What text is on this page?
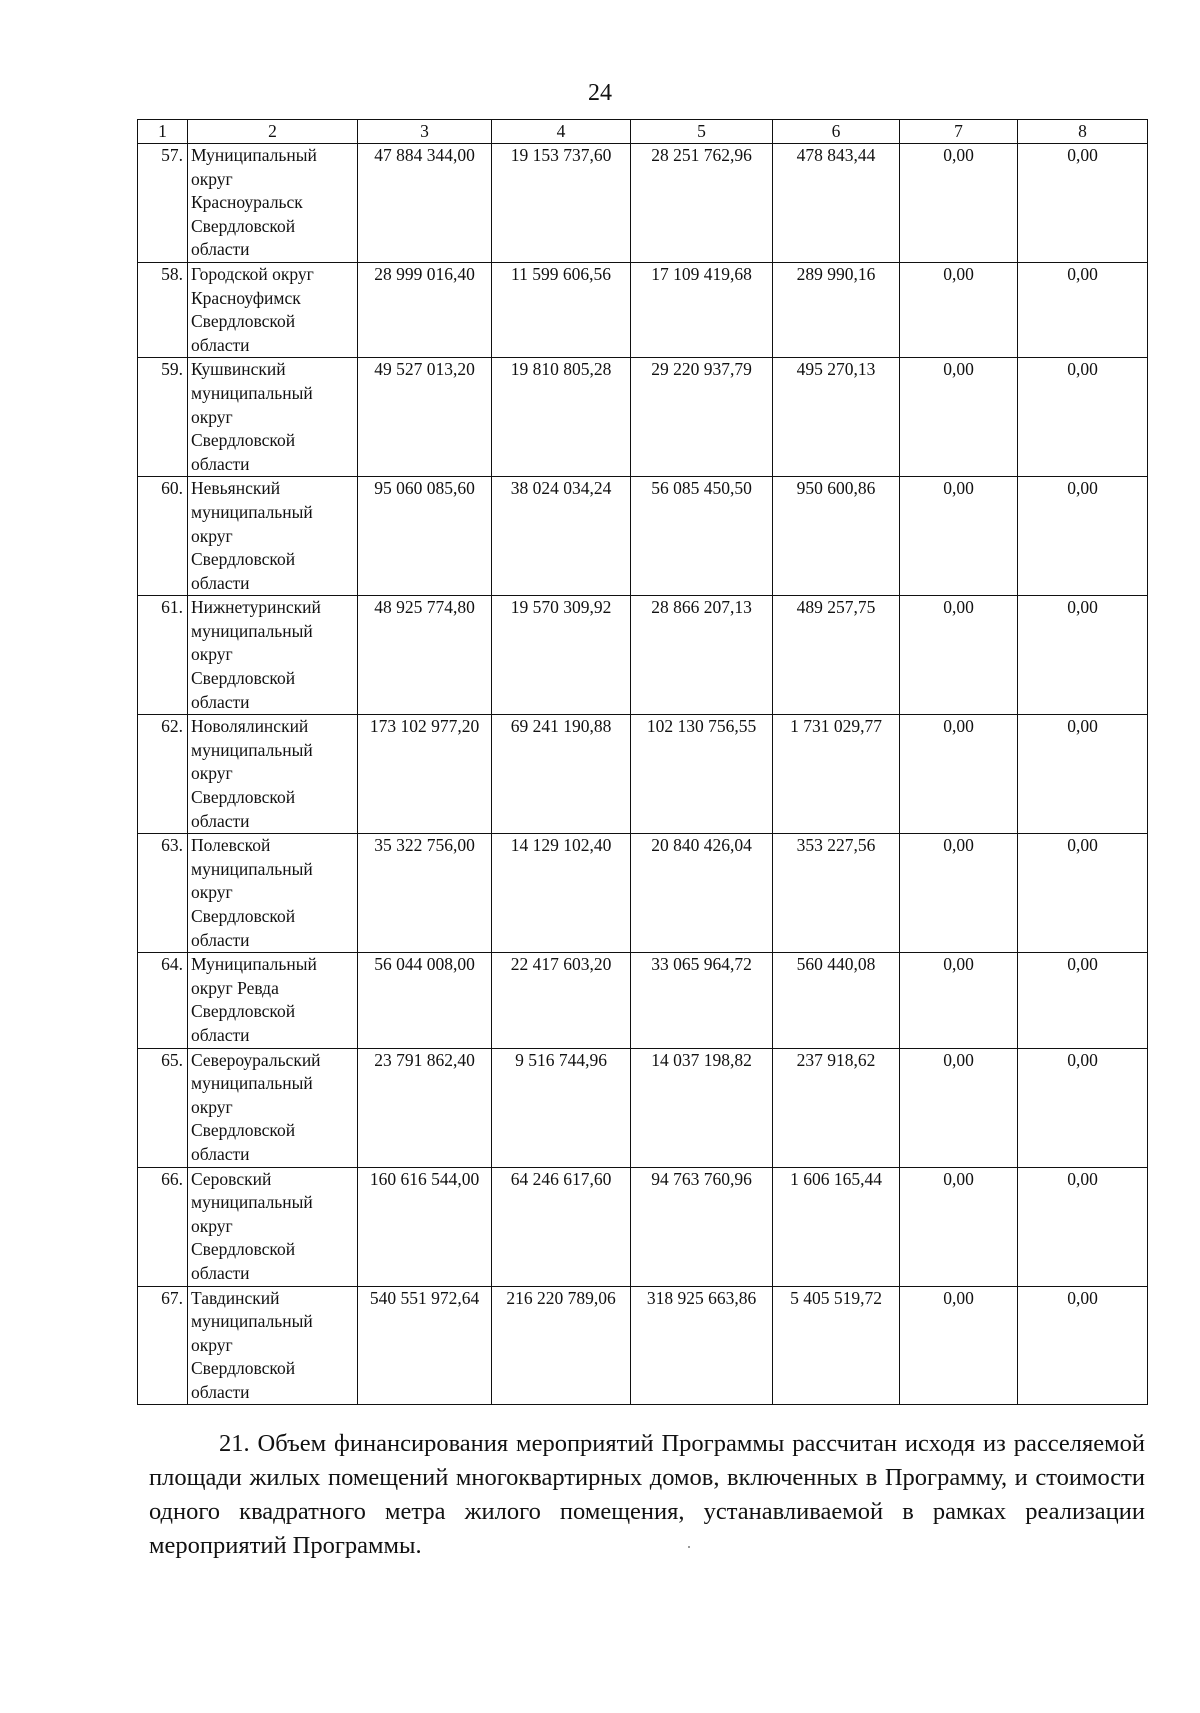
24
1	2	3	4	5	6	7	8
57.	Муниципальный
округ
Красноуральск
Свердловской
области	47 884 344,00	19 153 737,60	28 251 762,96	478 843,44	0,00	0,00
58.	Городской округ
Красноуфимск
Свердловской
области	28 999 016,40	11 599 606,56	17 109 419,68	289 990,16	0,00	0,00
59.	Кушвинский
муниципальный
округ
Свердловской
области	49 527 013,20	19 810 805,28	29 220 937,79	495 270,13	0,00	0,00
60.	Невьянский
муниципальный
округ
Свердловской
области	95 060 085,60	38 024 034,24	56 085 450,50	950 600,86	0,00	0,00
61.	Нижнетуринский
муниципальный
округ
Свердловской
области	48 925 774,80	19 570 309,92	28 866 207,13	489 257,75	0,00	0,00
62.	Новолялинский
муниципальный
округ
Свердловской
области	173 102 977,20	69 241 190,88	102 130 756,55	1 731 029,77	0,00	0,00
63.	Полевской
муниципальный
округ
Свердловской
области	35 322 756,00	14 129 102,40	20 840 426,04	353 227,56	0,00	0,00
64.	Муниципальный
округ Ревда
Свердловской
области	56 044 008,00	22 417 603,20	33 065 964,72	560 440,08	0,00	0,00
65.	Североуральский
муниципальный
округ
Свердловской
области	23 791 862,40	9 516 744,96	14 037 198,82	237 918,62	0,00	0,00
66.	Серовский
муниципальный
округ
Свердловской
области	160 616 544,00	64 246 617,60	94 763 760,96	1 606 165,44	0,00	0,00
67.	Тавдинский
муниципальный
округ
Свердловской
области	540 551 972,64	216 220 789,06	318 925 663,86	5 405 519,72	0,00	0,00
21. Объем финансирования мероприятий Программы рассчитан исходя из расселяемой площади жилых помещений многоквартирных домов, включенных в Программу, и стоимости одного квадратного метра жилого помещения, устанавливаемой в рамках реализации мероприятий Программы.
